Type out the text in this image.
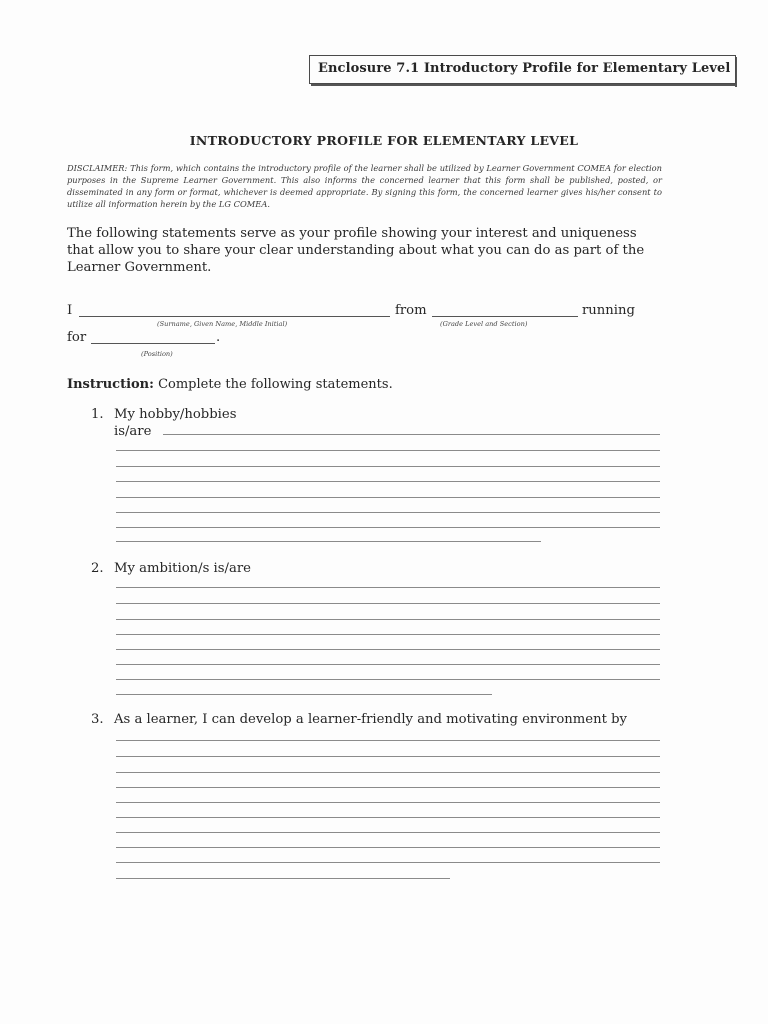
Enclosure 7.1 Introductory Profile for Elementary Level
INTRODUCTORY PROFILE FOR ELEMENTARY LEVEL
DISCLAIMER: This form, which contains the introductory profile of the learner shall be utilized by Learner Government COMEA for election purposes in the Supreme Learner Government. This also informs the concerned learner that this form shall be published, posted, or disseminated in any form or format, whichever is deemed appropriate. By signing this form, the concerned learner gives his/her consent to utilize all information herein by the LG COMEA.
The following statements serve as your profile showing your interest and uniqueness that allow you to share your clear understanding about what you can do as part of the Learner Government.
I	from	running
(Surname, Given Name, Middle Initial)	(Grade Level and Section)
for	.
(Position)
Instruction: Complete the following statements.
1. My hobby/hobbies
is/are
2. My ambition/s is/are
3. As a learner, I can develop a learner-friendly and motivating environment by
